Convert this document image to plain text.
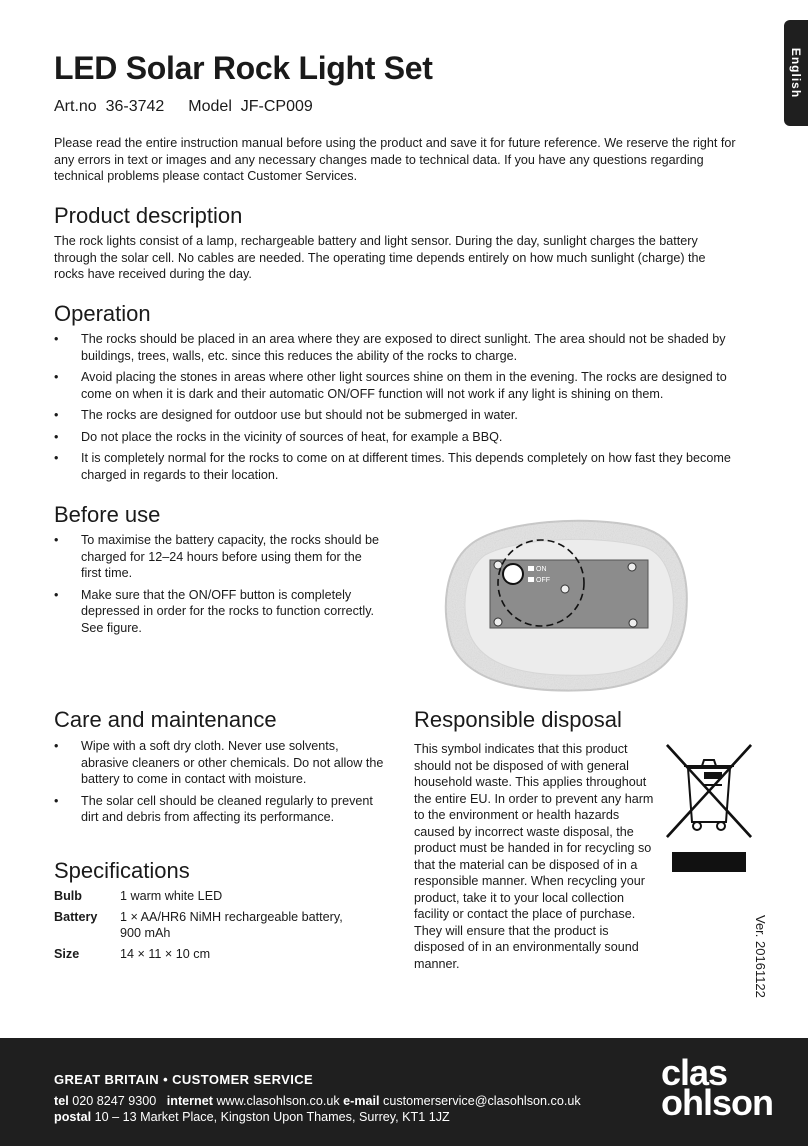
English
LED Solar Rock Light Set
Art.no 36-3742 Model JF-CP009

Please read the entire instruction manual before using the product and save it for future reference. We reserve the right for any errors in text or images and any necessary changes made to technical data. If you have any questions regarding technical problems please contact Customer Services.

Product description

The rock lights consist of a lamp, rechargeable battery and light sensor. During the day, sunlight charges the battery through the solar cell. No cables are needed. The operating time depends entirely on how much sunlight (charge) the rocks have received during the day.

Operation
• The rocks should be placed in an area where they are exposed to direct sunlight. The area should not be shaded by buildings, trees, walls, etc. since this reduces the ability of the rocks to charge.
• Avoid placing the stones in areas where other light sources shine on them in the evening. The rocks are designed to come on when it is dark and their automatic ON/OFF function will not work if any light is shining on them.
• The rocks are designed for outdoor use but should not be submerged in water.
• Do not place the rocks in the vicinity of sources of heat, for example a BBQ.
• It is completely normal for the rocks to come on at different times. This depends completely on how fast they become charged in regards to their location.
Before use
• To maximise the battery capacity, the rocks should be charged for 12–24 hours before using them for the first time.
• Make sure that the ON/OFF button is completely depressed in order for the rocks to function correctly. See figure.
ON
OFF
Care and maintenance
• Wipe with a soft dry cloth. Never use solvents, abrasive cleaners or other chemicals. Do not allow the battery to come in contact with moisture.
• The solar cell should be cleaned regularly to prevent dirt and debris from affecting its performance.
Responsible disposal

This symbol indicates that this product should not be disposed of with general household waste. This applies throughout the entire EU. In order to prevent any harm to the environment or health hazards caused by incorrect waste disposal, the product must be handed in for recycling so that the material can be disposed of in a responsible manner. When recycling your product, take it to your local collection facility or contact the place of purchase. They will ensure that the product is disposed of in an environmentally sound manner.

Specifications
Bulb	1 warm white LED
Battery	1 × AA/HR6 NiMH rechargeable battery, 900 mAh
Size	14 × 11 × 10 cm	Ver. 20161122
GREAT BRITAIN • CUSTOMER SERVICE
tel 020 8247 9300 internet www.clasohlson.co.uk e-mail customerservice@clasohlson.co.uk
postal 10 – 13 Market Place, Kingston Upon Thames, Surrey, KT1 1JZ
clas
ohlson
